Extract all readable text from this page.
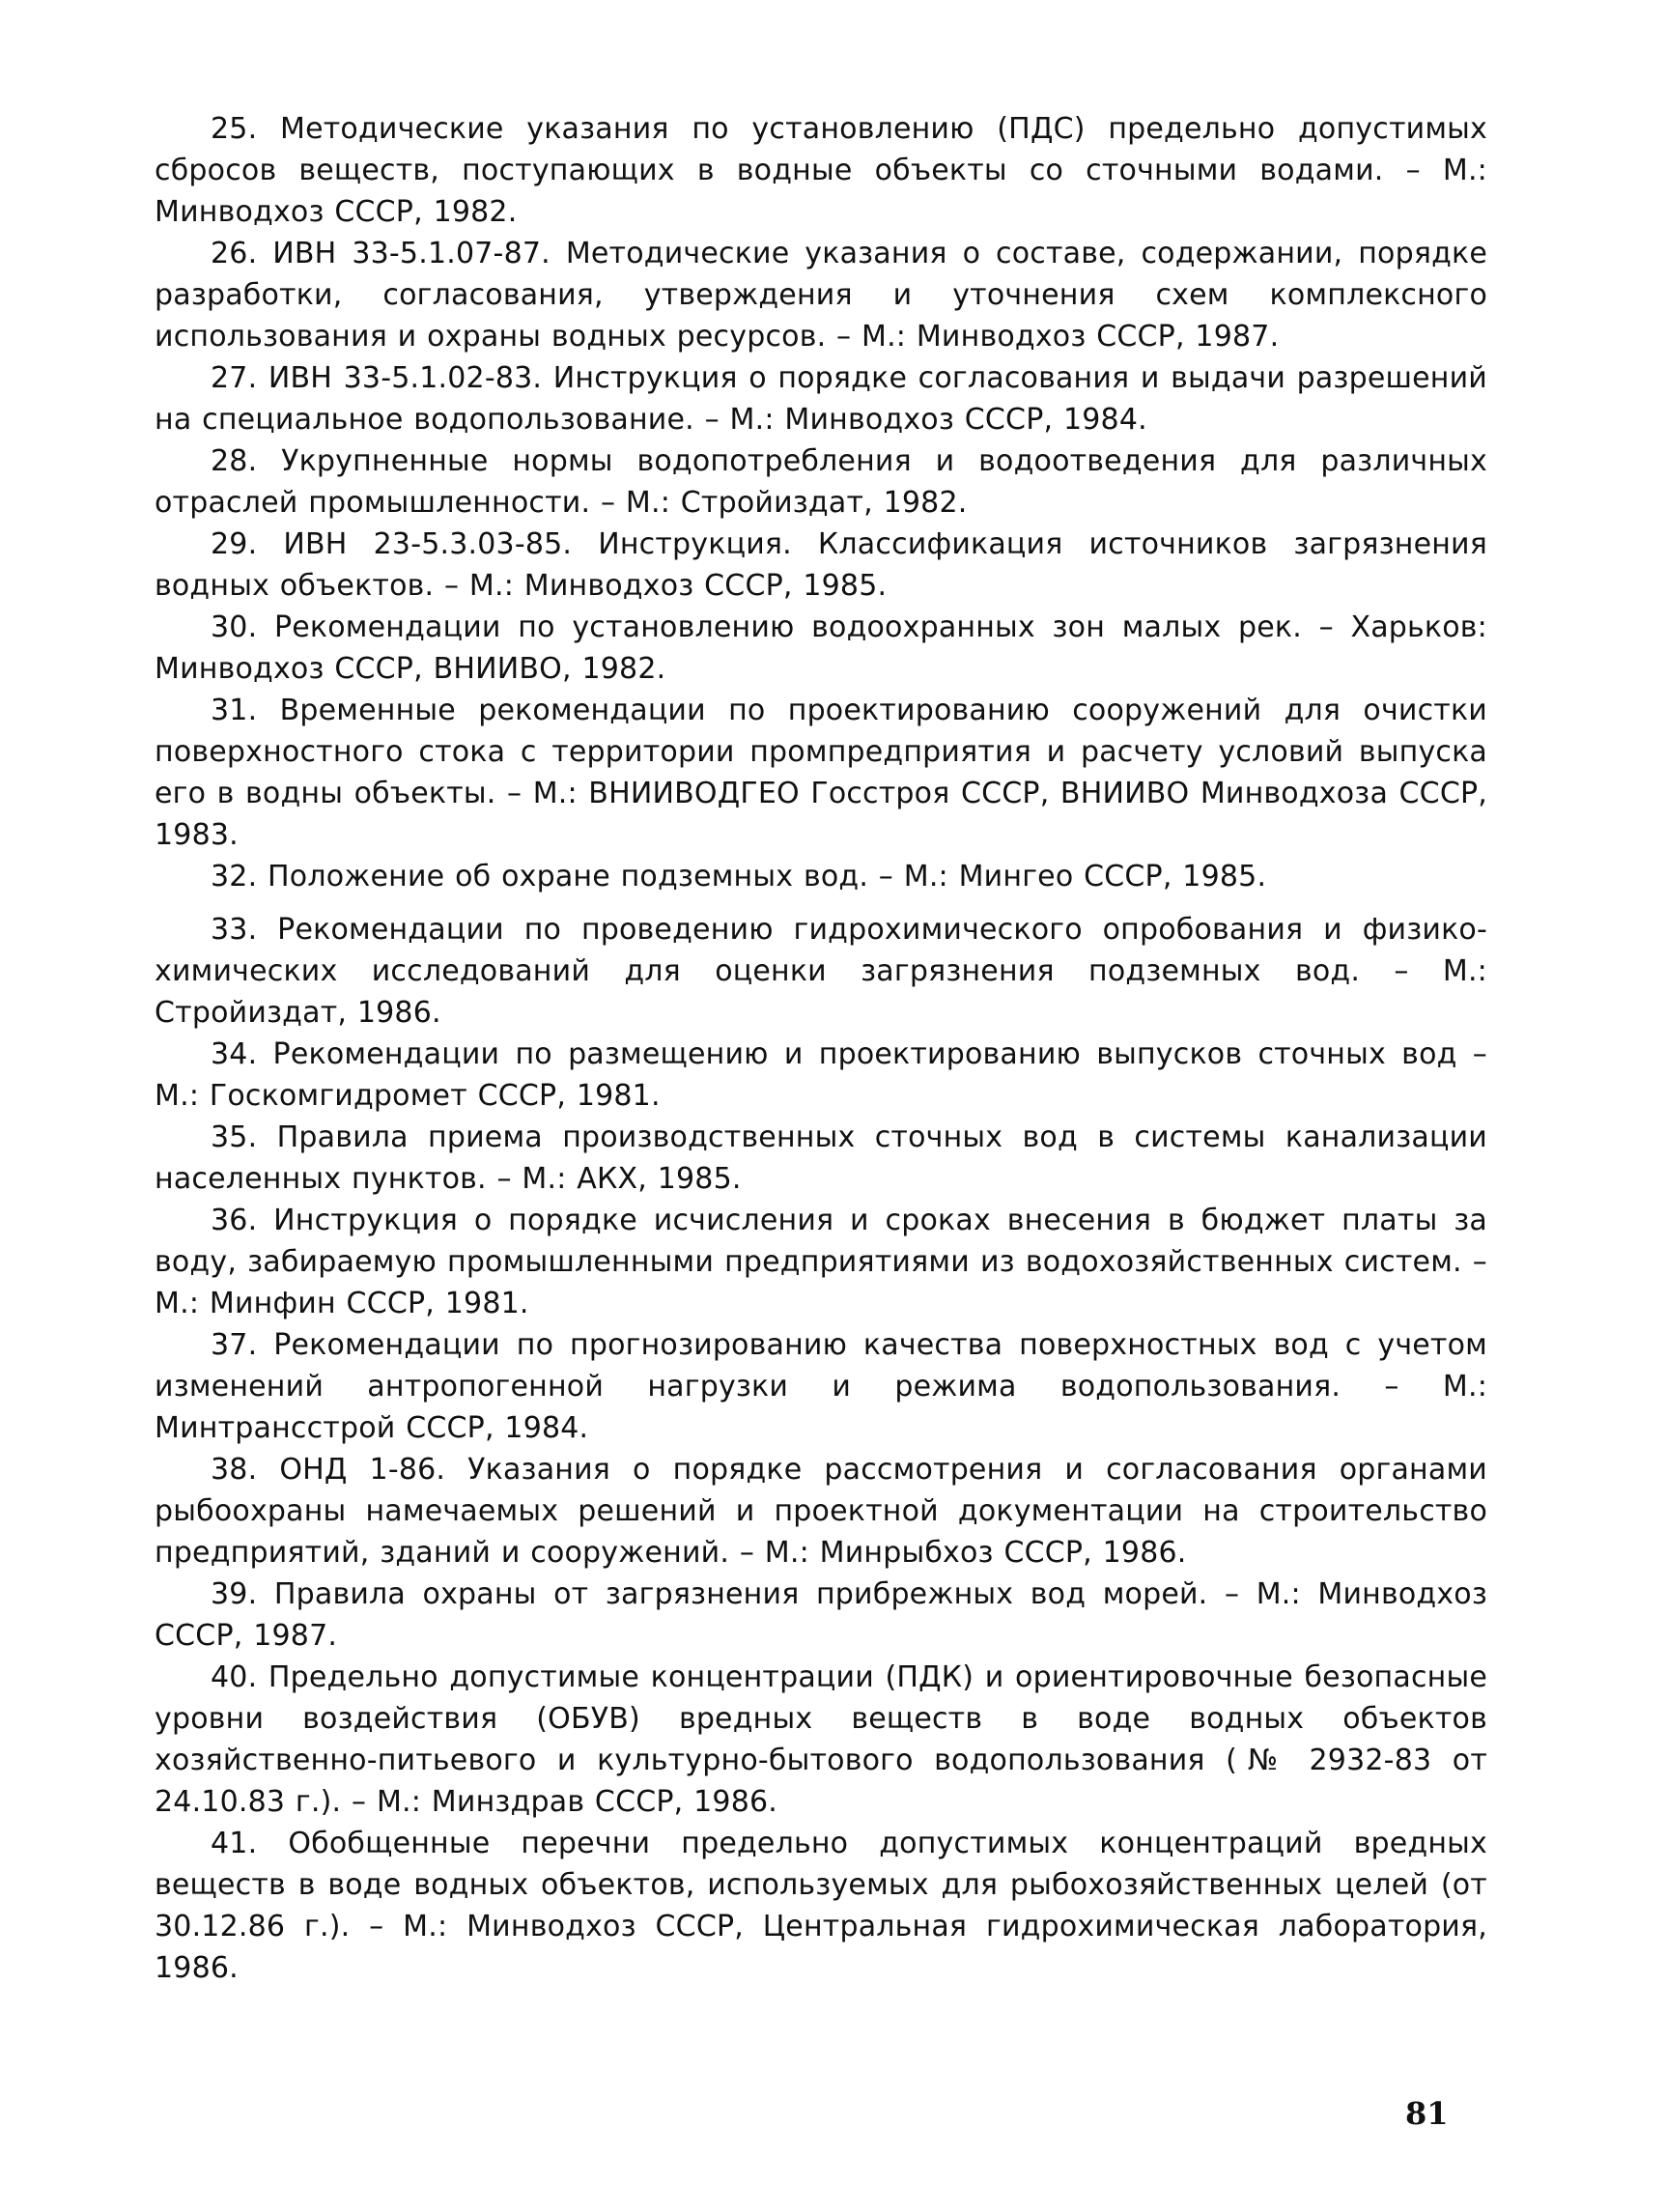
25. Методические указания по установлению (ПДС) предельно допустимых сбросов веществ, поступающих в водные объекты со сточными водами. – М.: Минводхоз СССР, 1982.

26. ИВН 33-5.1.07-87. Методические указания о составе, содержании, порядке разработки, согласования, утверждения и уточнения схем комплексного использования и охраны водных ресурсов. – М.: Минводхоз СССР, 1987.

27. ИВН 33-5.1.02-83. Инструкция о порядке согласования и выдачи разрешений на специальное водопользование. – М.: Минводхоз СССР, 1984.

28. Укрупненные нормы водопотребления и водоотведения для различных отраслей промышленности. – М.: Стройиздат, 1982.

29. ИВН 23-5.3.03-85. Инструкция. Классификация источников загрязнения водных объектов. – М.: Минводхоз СССР, 1985.

30. Рекомендации по установлению водоохранных зон малых рек. – Харьков: Минводхоз СССР, ВНИИВО, 1982.

31. Временные рекомендации по проектированию сооружений для очистки поверхностного стока с территории промпредприятия и расчету условий выпуска его в водны объекты. – М.: ВНИИВОДГЕО Госстроя СССР, ВНИИВО Минводхоза СССР, 1983.

32. Положение об охране подземных вод. – М.: Мингео СССР, 1985.

33. Рекомендации по проведению гидрохимического опробования и физико-химических исследований для оценки загрязнения подземных вод. – М.: Стройиздат, 1986.

34. Рекомендации по размещению и проектированию выпусков сточных вод – М.: Госкомгидромет СССР, 1981.

35. Правила приема производственных сточных вод в системы канализации населенных пунктов. – М.: АКХ, 1985.

36. Инструкция о порядке исчисления и сроках внесения в бюджет платы за воду, забираемую промышленными предприятиями из водохозяйственных систем. – М.: Минфин СССР, 1981.

37. Рекомендации по прогнозированию качества поверхностных вод с учетом изменений антропогенной нагрузки и режима водопользования. – М.: Минтрансстрой СССР, 1984.

38. ОНД 1-86. Указания о порядке рассмотрения и согласования органами рыбоохраны намечаемых решений и проектной документации на строительство предприятий, зданий и сооружений. – М.: Минрыбхоз СССР, 1986.

39. Правила охраны от загрязнения прибрежных вод морей. – М.: Минводхоз СССР, 1987.

40. Предельно допустимые концентрации (ПДК) и ориентировочные безопасные уровни воздействия (ОБУВ) вредных веществ в воде водных объектов хозяйственно-питьевого и культурно-бытового водопользования (№ 2932-83 от 24.10.83 г.). – М.: Минздрав СССР, 1986.

41. Обобщенные перечни предельно допустимых концентраций вредных веществ в воде водных объектов, используемых для рыбохозяйственных целей (от 30.12.86 г.). – М.: Минводхоз СССР, Центральная гидрохимическая лаборатория, 1986.

81
